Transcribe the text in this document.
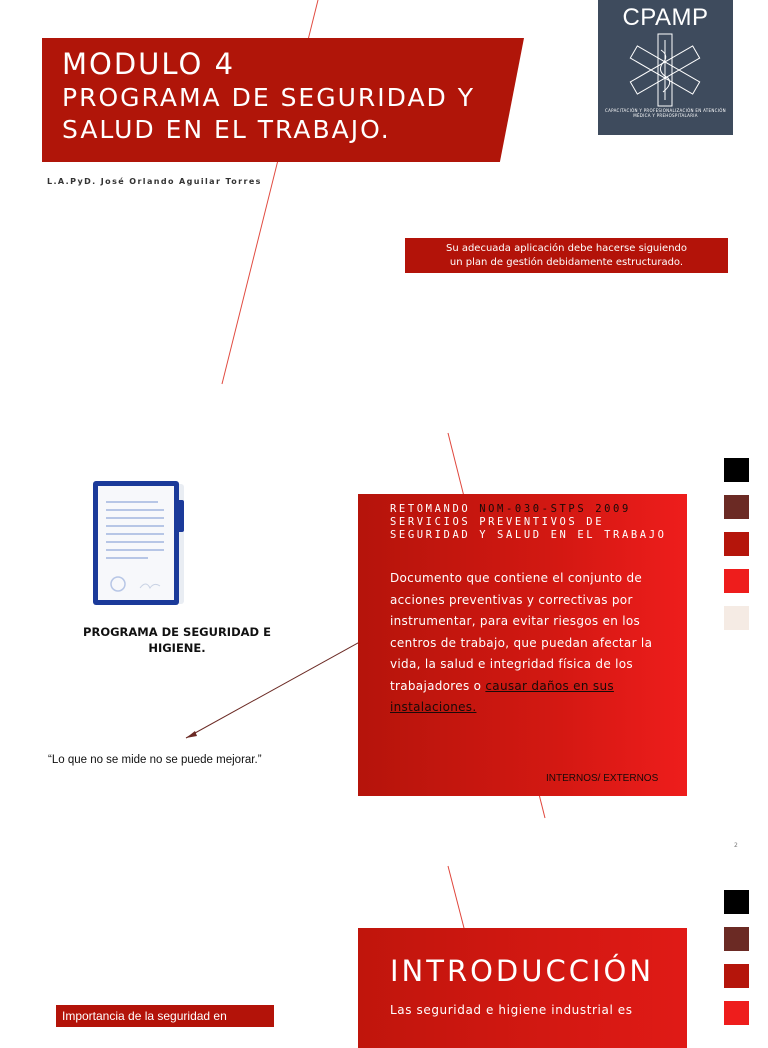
MODULO 4
PROGRAMA DE SEGURIDAD Y
SALUD EN EL TRABAJO.
L.A.PyD. José Orlando Aguilar Torres
CPAMP
CAPACITACIÓN Y PROFESIONALIZACIÓN EN ATENCIÓN MÉDICA Y PREHOSPITALARIA
Su adecuada aplicación debe hacerse siguiendo un plan de gestión debidamente estructurado.
PROGRAMA DE SEGURIDAD E
HIGIENE.
“Lo que no se mide no se puede mejorar.”
RETOMANDO NOM-030-STPS 2009
SERVICIOS PREVENTIVOS DE SEGURIDAD Y SALUD EN EL TRABAJO
Documento que contiene el conjunto de acciones preventivas y correctivas por instrumentar, para evitar riesgos en los centros de trabajo, que puedan afectar la vida, la salud e integridad física de los trabajadores o causar daños en sus instalaciones.
INTERNOS/ EXTERNOS
2
INTRODUCCIÓN
Las seguridad e higiene industrial es
Importancia de la seguridad en
